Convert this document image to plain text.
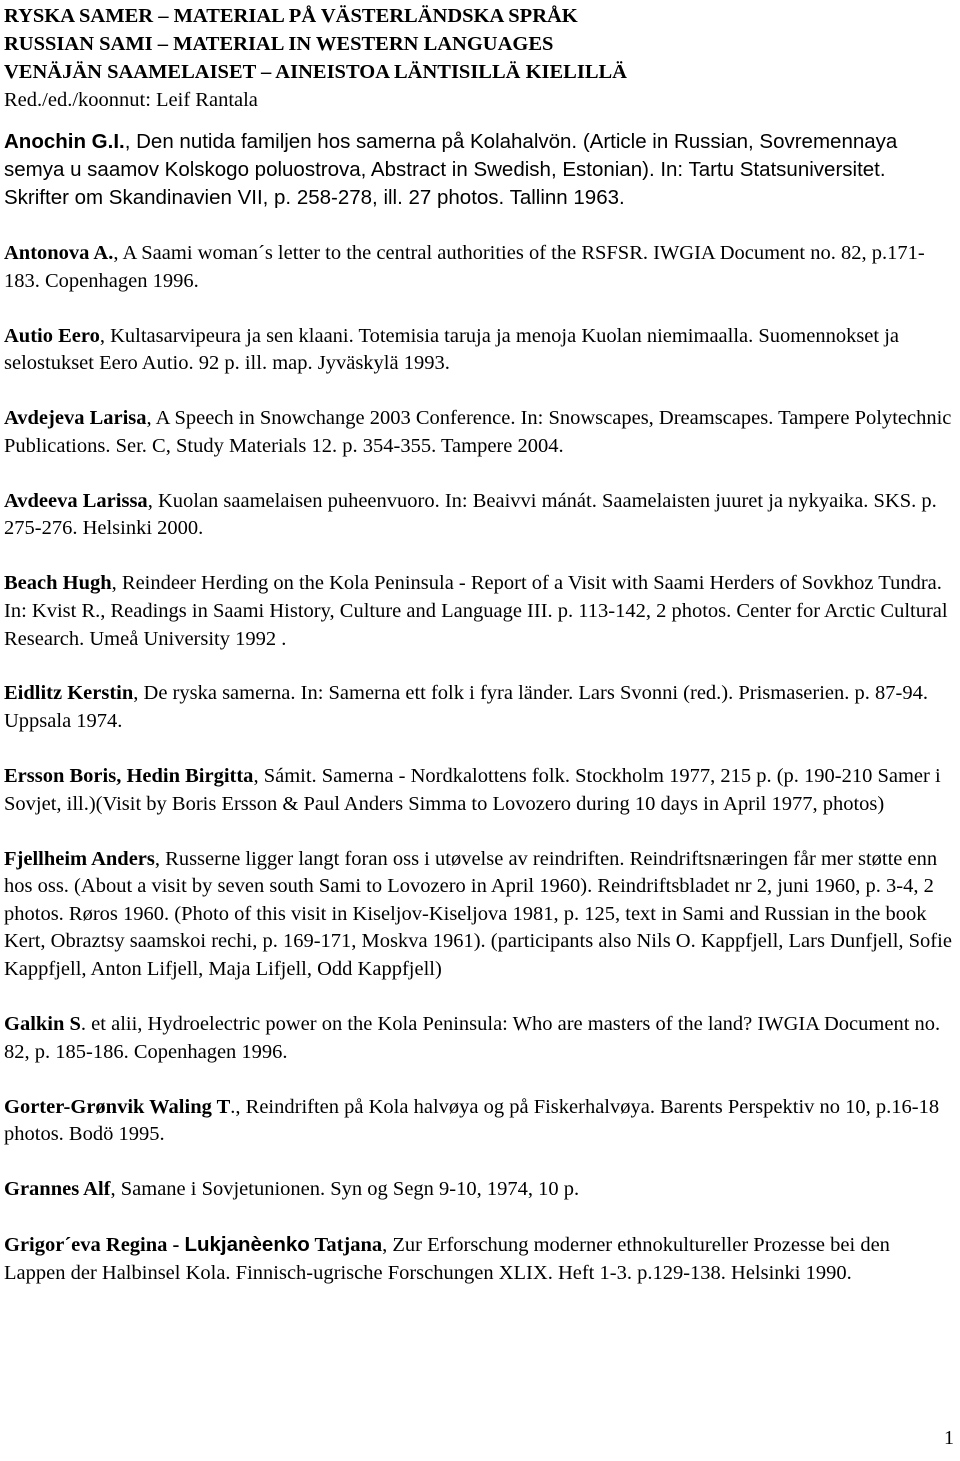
RYSKA SAMER – MATERIAL PÅ VÄSTERLÄNDSKA SPRÅK
RUSSIAN SAMI – MATERIAL IN WESTERN LANGUAGES
VENÄJÄN SAAMELAISET – AINEISTOA LÄNTISILLÄ KIELILLÄ
Red./ed./koonnut: Leif Rantala

Anochin G.I., Den nutida familjen hos samerna på Kolahalvön. (Article in Russian, Sovremennaya semya u saamov Kolskogo poluostrova, Abstract in Swedish, Estonian). In: Tartu Statsuniversitet. Skrifter om Skandinavien VII, p. 258-278, ill. 27 photos. Tallinn 1963.

Antonova A., A Saami woman´s letter to the central authorities of the RSFSR. IWGIA Document no. 82, p.171-183. Copenhagen 1996.

Autio Eero, Kultasarvipeura ja sen klaani. Totemisia taruja ja menoja Kuolan niemimaalla. Suomennokset ja selostukset Eero Autio. 92 p. ill. map. Jyväskylä 1993.

Avdejeva Larisa, A Speech in Snowchange 2003 Conference. In: Snowscapes, Dreamscapes. Tampere Polytechnic Publications. Ser. C, Study Materials 12. p. 354-355. Tampere 2004.

Avdeeva Larissa, Kuolan saamelaisen puheenvuoro. In: Beaivvi mánát. Saamelaisten juuret ja nykyaika. SKS. p. 275-276. Helsinki 2000.

Beach Hugh, Reindeer Herding on the Kola Peninsula - Report of a Visit with Saami Herders of Sovkhoz Tundra. In: Kvist R., Readings in Saami History, Culture and Language III. p. 113-142, 2 photos. Center for Arctic Cultural Research. Umeå University 1992 .

Eidlitz Kerstin, De ryska samerna. In: Samerna ett folk i fyra länder. Lars Svonni (red.). Prismaserien. p. 87-94. Uppsala 1974.

Ersson Boris, Hedin Birgitta, Sámit. Samerna - Nordkalottens folk. Stockholm 1977, 215 p. (p. 190-210 Samer i Sovjet, ill.)(Visit by Boris Ersson & Paul Anders Simma to Lovozero during 10 days in April 1977, photos)

Fjellheim Anders, Russerne ligger langt foran oss i utøvelse av reindriften. Reindriftsnæringen får mer støtte enn hos oss. (About a visit by seven south Sami to Lovozero in April 1960). Reindriftsbladet nr 2, juni 1960, p. 3-4, 2 photos. Røros 1960. (Photo of this visit in Kiseljov-Kiseljova 1981, p. 125, text in Sami and Russian in the book Kert, Obraztsy saamskoi rechi, p. 169-171, Moskva 1961). (participants also Nils O. Kappfjell, Lars Dunfjell, Sofie Kappfjell, Anton Lifjell, Maja Lifjell, Odd Kappfjell)

Galkin S. et alii, Hydroelectric power on the Kola Peninsula: Who are masters of the land? IWGIA Document no. 82, p. 185-186. Copenhagen 1996.

Gorter-Grønvik Waling T., Reindriften på Kola halvøya og på Fiskerhalvøya. Barents Perspektiv no 10, p.16-18 photos. Bodö 1995.

Grannes Alf, Samane i Sovjetunionen. Syn og Segn 9-10, 1974, 10 p.

Grigor´eva Regina - Lukjanèenko Tatjana, Zur Erforschung moderner ethnokultureller Prozesse bei den Lappen der Halbinsel Kola. Finnisch-ugrische Forschungen XLIX. Heft 1-3. p.129-138. Helsinki 1990.

1
